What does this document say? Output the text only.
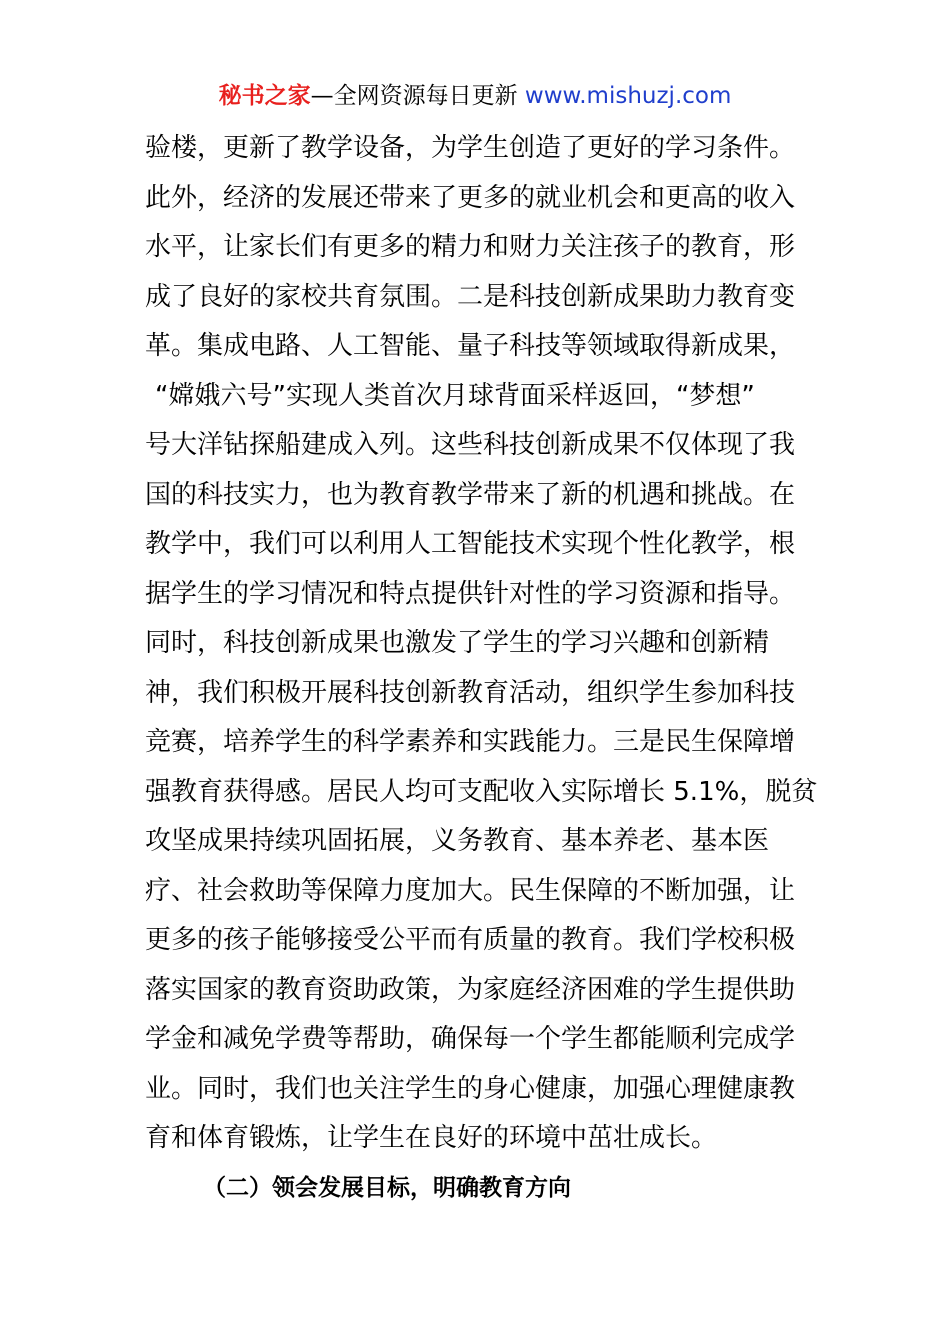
秘书之家—全网资源每日更新 www.mishuzj.com
验楼，更新了教学设备，为学生创造了更好的学习条件。
此外，经济的发展还带来了更多的就业机会和更高的收入
水平，让家长们有更多的精力和财力关注孩子的教育，形
成了良好的家校共育氛围。二是科技创新成果助力教育变
革。集成电路、人工智能、量子科技等领域取得新成果，
“嫦娥六号”实现人类首次月球背面采样返回，“梦想”
号大洋钻探船建成入列。这些科技创新成果不仅体现了我
国的科技实力，也为教育教学带来了新的机遇和挑战。在
教学中，我们可以利用人工智能技术实现个性化教学，根
据学生的学习情况和特点提供针对性的学习资源和指导。
同时，科技创新成果也激发了学生的学习兴趣和创新精
神，我们积极开展科技创新教育活动，组织学生参加科技
竞赛，培养学生的科学素养和实践能力。三是民生保障增
强教育获得感。居民人均可支配收入实际增长 5.1%，脱贫
攻坚成果持续巩固拓展，义务教育、基本养老、基本医
疗、社会救助等保障力度加大。民生保障的不断加强，让
更多的孩子能够接受公平而有质量的教育。我们学校积极
落实国家的教育资助政策，为家庭经济困难的学生提供助
学金和减免学费等帮助，确保每一个学生都能顺利完成学
业。同时，我们也关注学生的身心健康，加强心理健康教
育和体育锻炼，让学生在良好的环境中茁壮成长。
（二）领会发展目标，明确教育方向
